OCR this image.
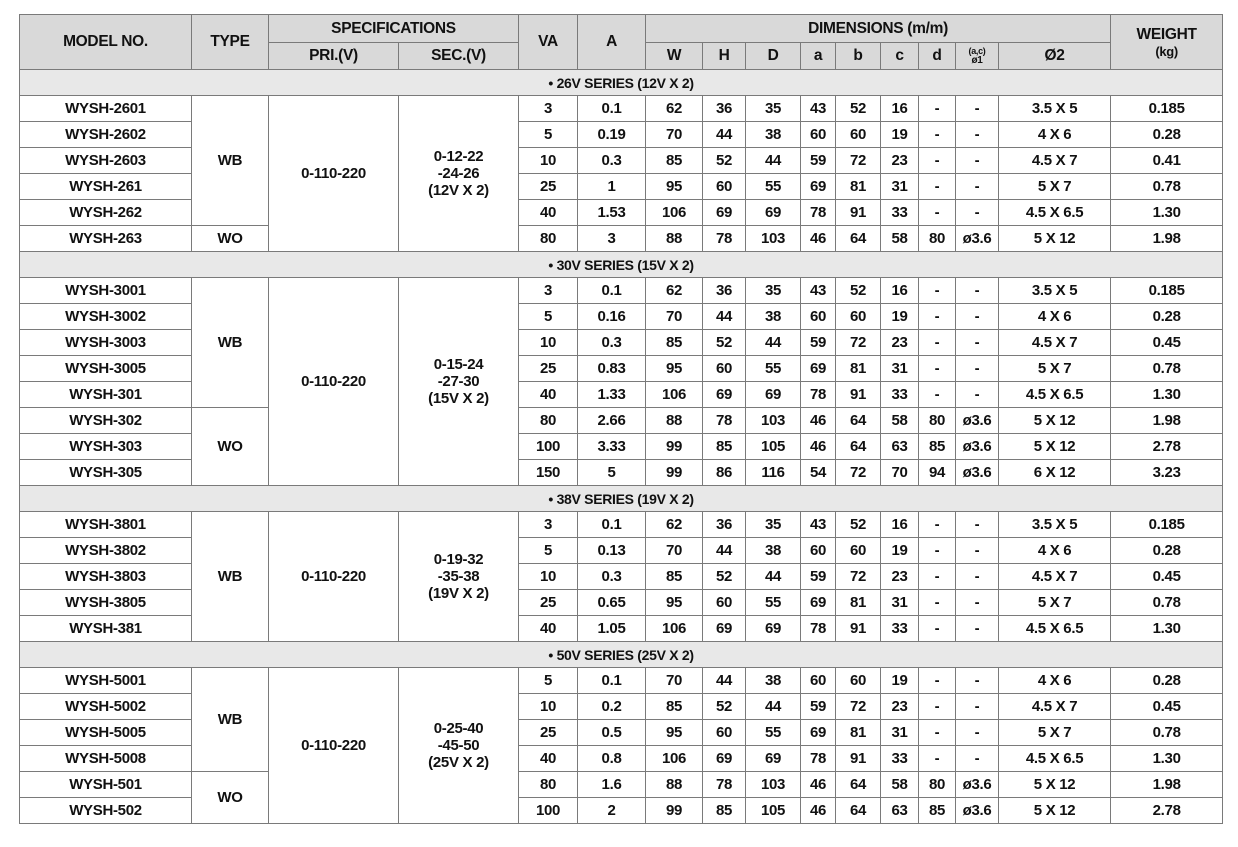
MODEL NO.	TYPE	SPECIFICATIONS		VA	A	DIMENSIONS (m/m)									WEIGHT
(kg)

		PRI.(V)	SEC.(V)			W	H	D	a	b	c	d	(a,c)
ø1	Ø2	
• 26V SERIES (12V X 2)															
WYSH-2601	WB	0-110-220	0-12-22
-24-26
(12V X 2)	3	0.1	62	36	35	43	52	16	-	-	3.5 X 5	0.185
WYSH-2602				5	0.19	70	44	38	60	60	19	-	-	4 X 6	0.28
WYSH-2603				10	0.3	85	52	44	59	72	23	-	-	4.5 X 7	0.41
WYSH-261				25	1	95	60	55	69	81	31	-	-	5 X 7	0.78
WYSH-262				40	1.53	106	69	69	78	91	33	-	-	4.5 X 6.5	1.30
WYSH-263	WO			80	3	88	78	103	46	64	58	80	ø3.6	5 X 12	1.98
• 30V SERIES (15V X 2)															
WYSH-3001	WB	0-110-220	0-15-24
-27-30
(15V X 2)	3	0.1	62	36	35	43	52	16	-	-	3.5 X 5	0.185
WYSH-3002				5	0.16	70	44	38	60	60	19	-	-	4 X 6	0.28
WYSH-3003				10	0.3	85	52	44	59	72	23	-	-	4.5 X 7	0.45
WYSH-3005				25	0.83	95	60	55	69	81	31	-	-	5 X 7	0.78
WYSH-301				40	1.33	106	69	69	78	91	33	-	-	4.5 X 6.5	1.30
WYSH-302	WO			80	2.66	88	78	103	46	64	58	80	ø3.6	5 X 12	1.98
WYSH-303				100	3.33	99	85	105	46	64	63	85	ø3.6	5 X 12	2.78
WYSH-305				150	5	99	86	116	54	72	70	94	ø3.6	6 X 12	3.23
• 38V SERIES (19V X 2)															
WYSH-3801	WB	0-110-220	0-19-32
-35-38
(19V X 2)	3	0.1	62	36	35	43	52	16	-	-	3.5 X 5	0.185
WYSH-3802				5	0.13	70	44	38	60	60	19	-	-	4 X 6	0.28
WYSH-3803				10	0.3	85	52	44	59	72	23	-	-	4.5 X 7	0.45
WYSH-3805				25	0.65	95	60	55	69	81	31	-	-	5 X 7	0.78
WYSH-381				40	1.05	106	69	69	78	91	33	-	-	4.5 X 6.5	1.30
• 50V SERIES (25V X 2)															
WYSH-5001	WB	0-110-220	0-25-40
-45-50
(25V X 2)	5	0.1	70	44	38	60	60	19	-	-	4 X 6	0.28
WYSH-5002				10	0.2	85	52	44	59	72	23	-	-	4.5 X 7	0.45
WYSH-5005				25	0.5	95	60	55	69	81	31	-	-	5 X 7	0.78
WYSH-5008				40	0.8	106	69	69	78	91	33	-	-	4.5 X 6.5	1.30
WYSH-501	WO			80	1.6	88	78	103	46	64	58	80	ø3.6	5 X 12	1.98
WYSH-502				100	2	99	85	105	46	64	63	85	ø3.6	5 X 12	2.78
